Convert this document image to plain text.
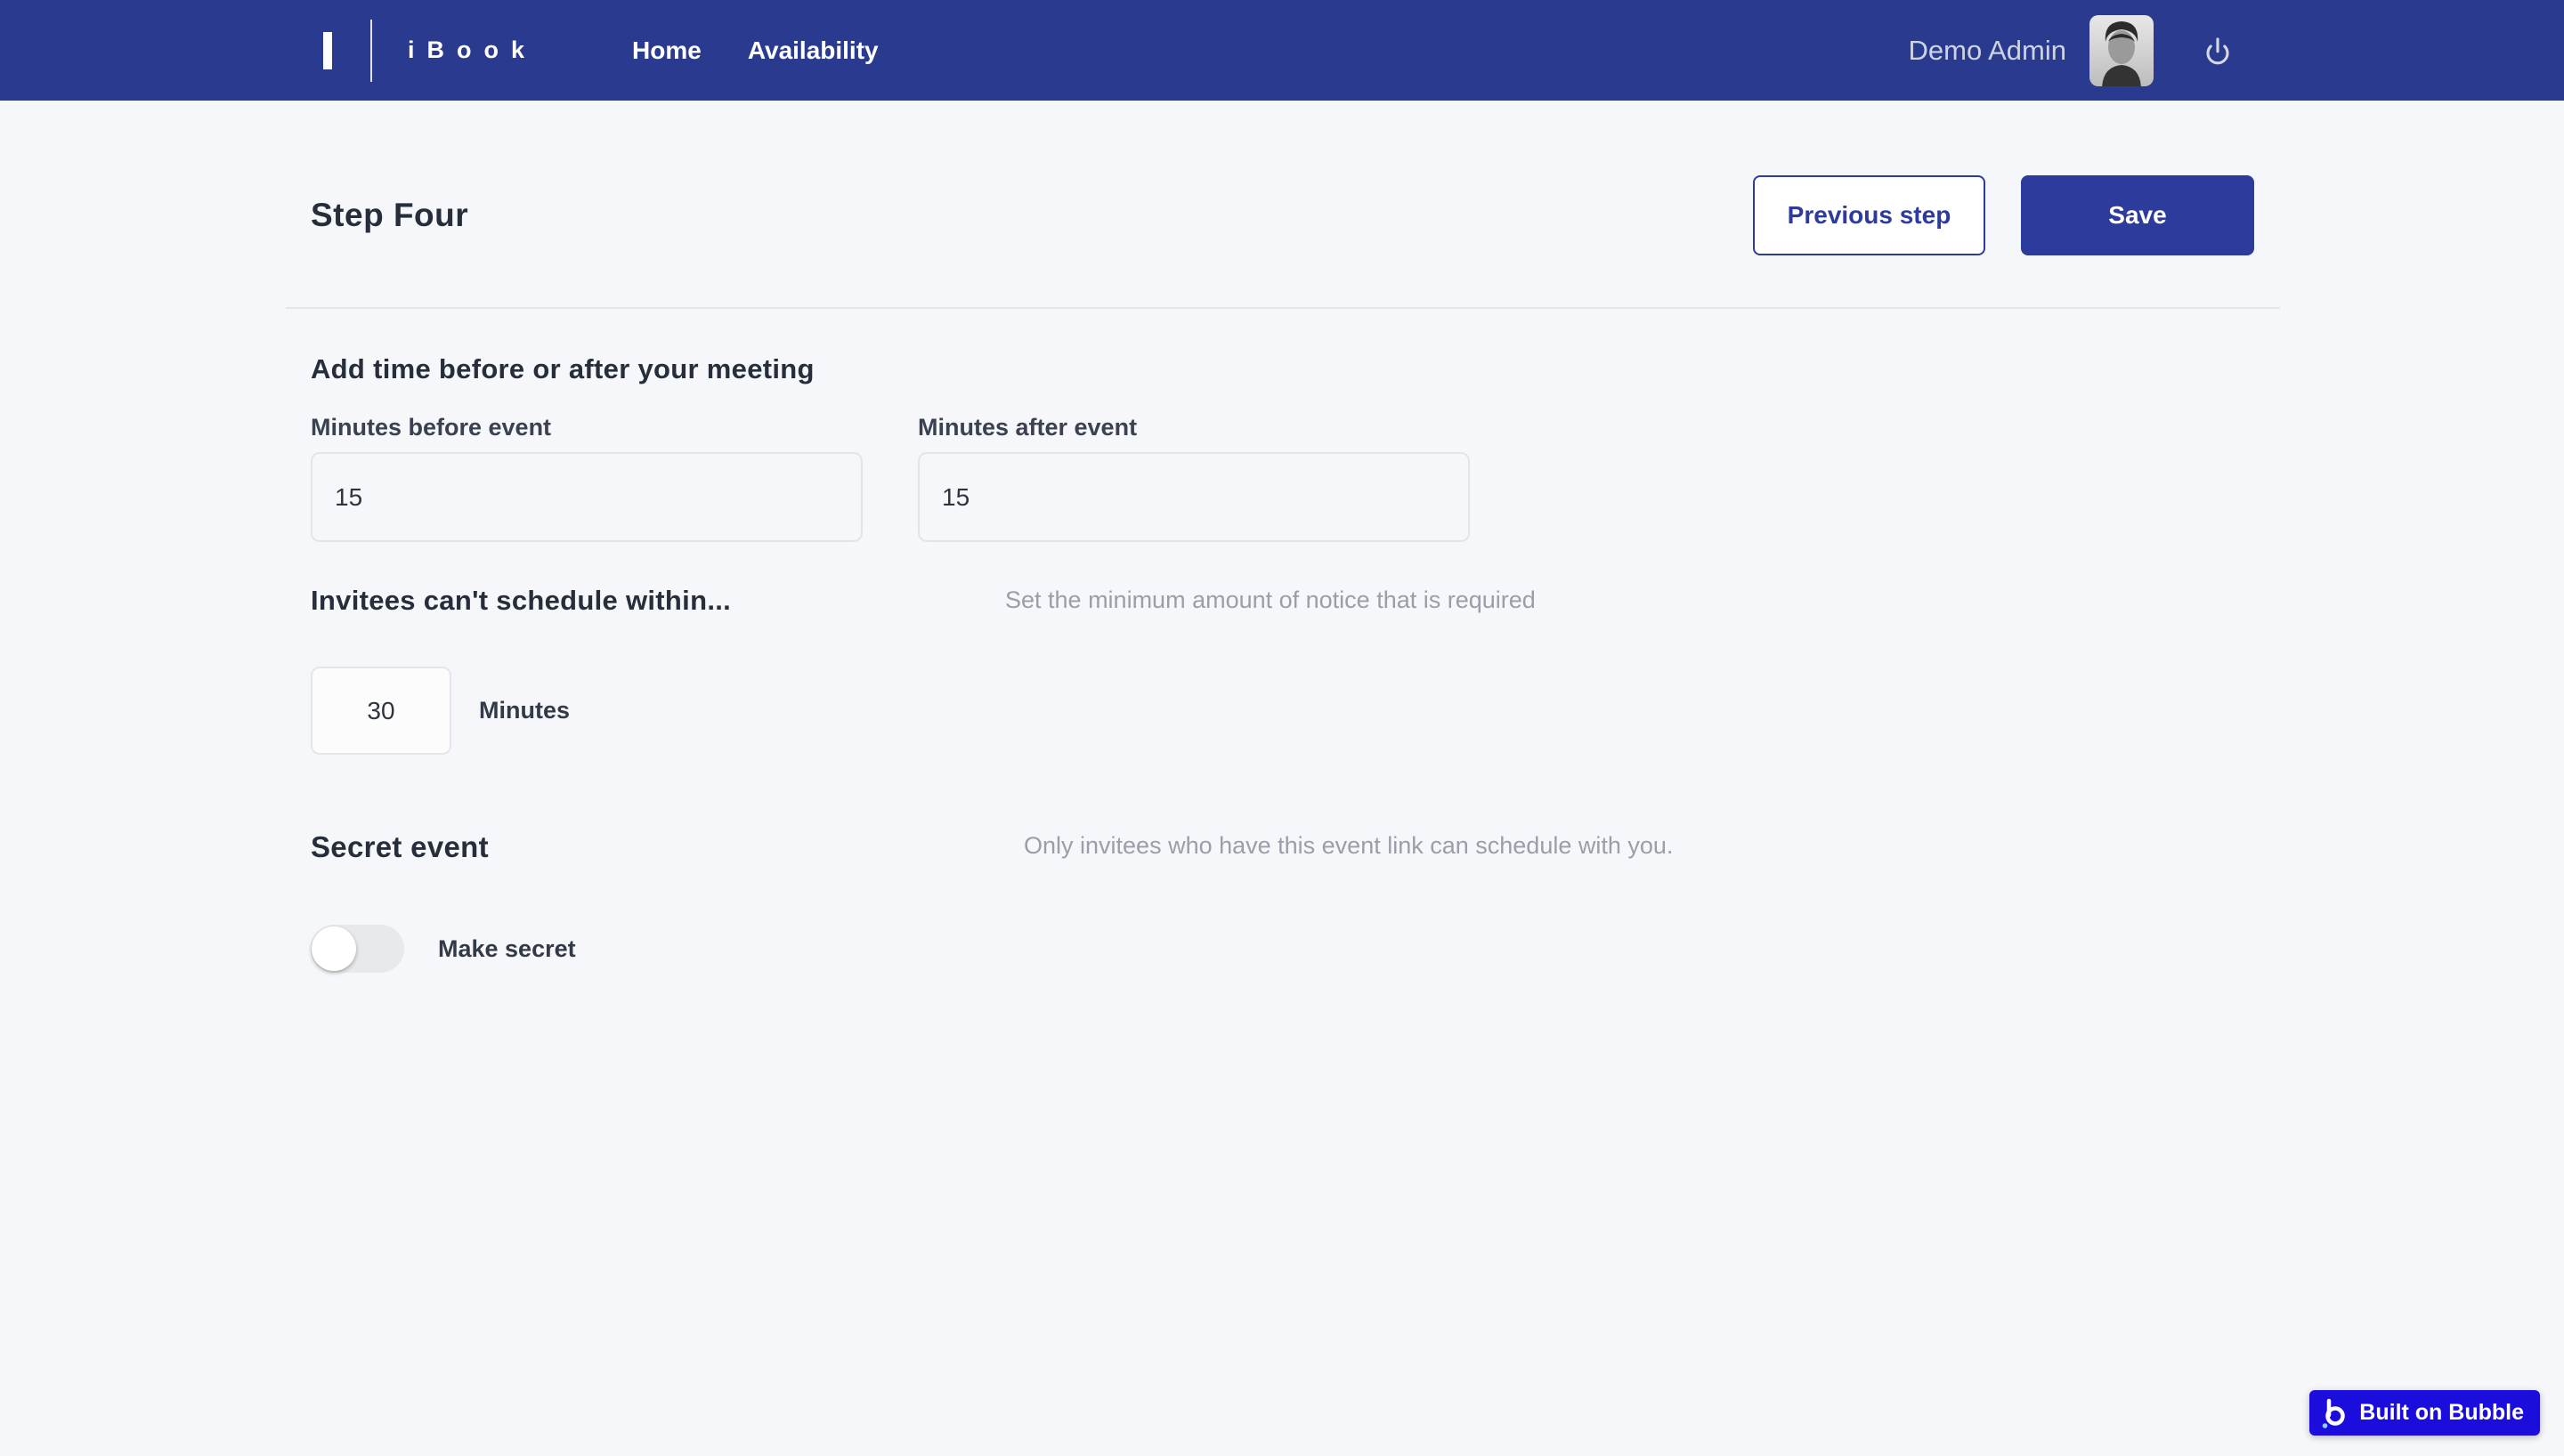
iBook	Home Availability	Demo Admin
Step Four	Previous step	Save
Add time before or after your meeting
Minutes before event
15	Minutes after event
15
Invitees can't schedule within...	Set the minimum amount of notice that is required

30
Minutes
Secret event	Only invitees who have this event link can schedule with you.

Make secret
Built on Bubble
